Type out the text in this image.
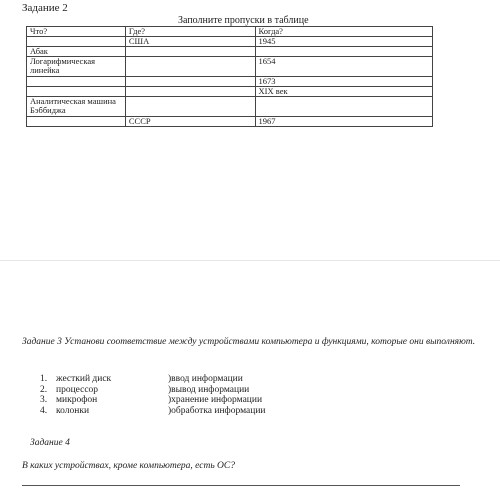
Задание 2
Заполните пропуски в таблице
Что?	Где?	Когда?
	США	1945
Абак		
Логарифмическая линейка		1654
		1673
		XIX век
Аналитическая машина Бэббиджа		
	СССР	1967
Задание 3 Установи соответствие между устройствами компьютера и функциями, которые они выполняют.
1. жесткий диск
2. процессор
3. микрофон
4. колонки
)ввод информации
)вывод информации
)хранение информации
)обработка информации
Задание 4
В каких устройствах, кроме компьютера, есть ОС?
